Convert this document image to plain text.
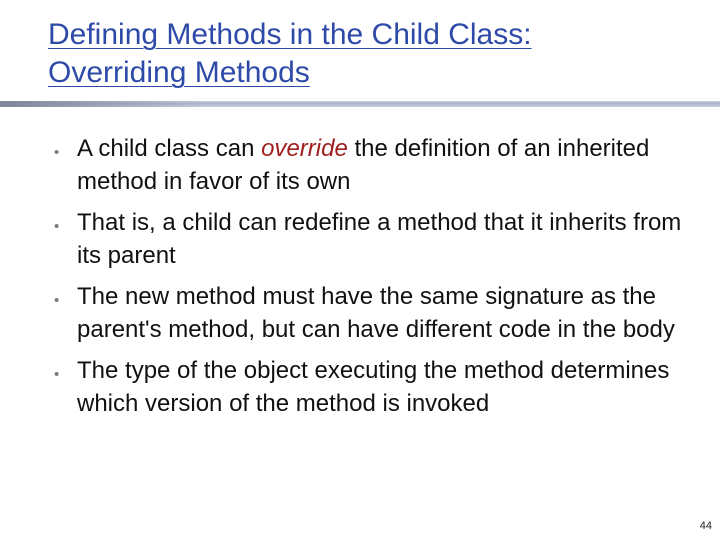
Defining Methods in the Child Class:
Overriding Methods
• A child class can override the definition of an inherited method in favor of its own
• That is, a child can redefine a method that it inherits from its parent
• The new method must have the same signature as the parent's method, but can have different code in the body
• The type of the object executing the method determines which version of the method is invoked
44
